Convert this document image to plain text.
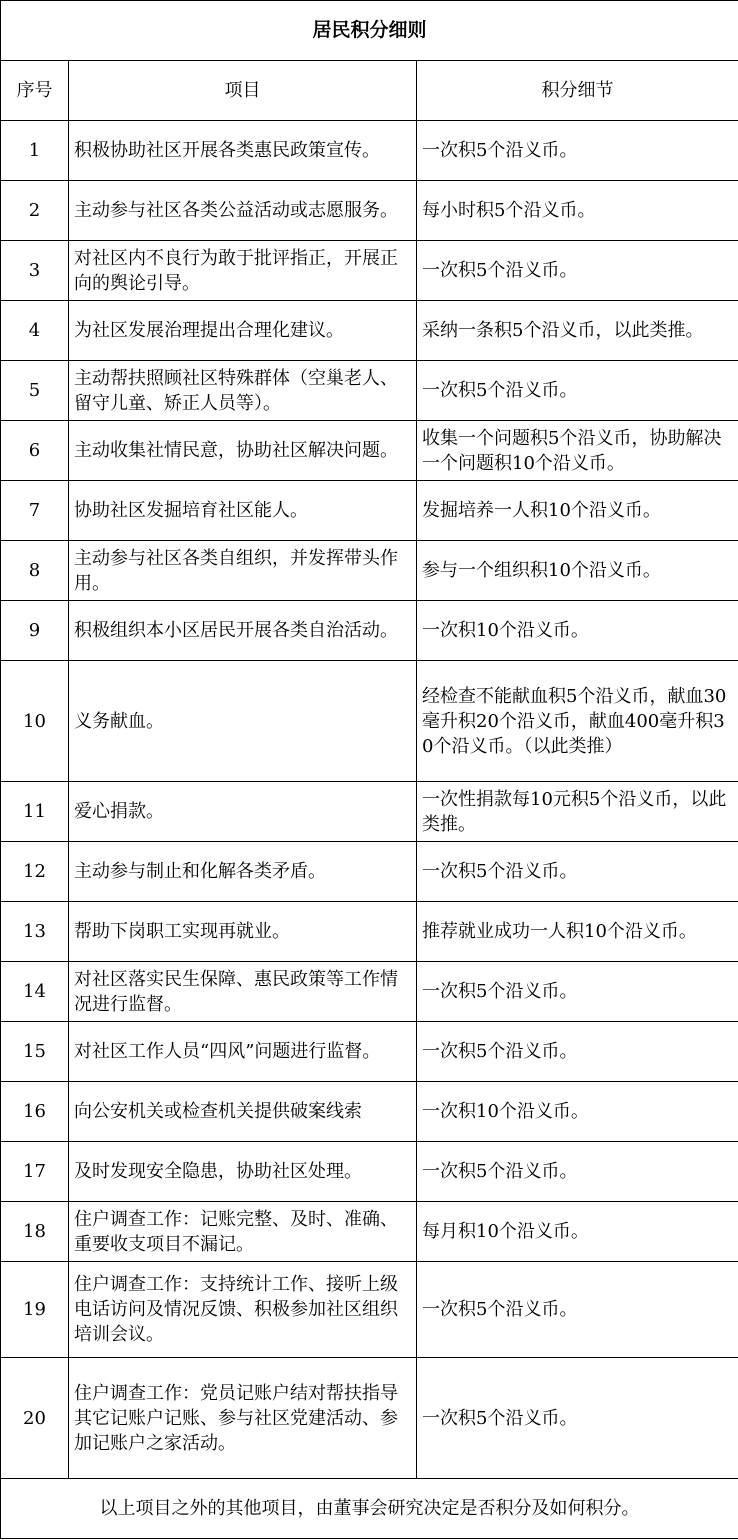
居民积分细则		
序号	项目	积分细节
1	积极协助社区开展各类惠民政策宣传。	一次积5个沿义币。
2	主动参与社区各类公益活动或志愿服务。	每小时积5个沿义币。
3	对社区内不良行为敢于批评指正，开展正向的舆论引导。	一次积5个沿义币。
4	为社区发展治理提出合理化建议。	采纳一条积5个沿义币，以此类推。
5	主动帮扶照顾社区特殊群体（空巢老人、留守儿童、矫正人员等）。	一次积5个沿义币。
6	主动收集社情民意，协助社区解决问题。	收集一个问题积5个沿义币，协助解决一个问题积10个沿义币。
7	协助社区发掘培育社区能人。	发掘培养一人积10个沿义币。
8	主动参与社区各类自组织，并发挥带头作用。	参与一个组织积10个沿义币。
9	积极组织本小区居民开展各类自治活动。	一次积10个沿义币。
10	义务献血。	经检查不能献血积5个沿义币，献血30毫升积20个沿义币，献血400毫升积30个沿义币。（以此类推）
11	爱心捐款。	一次性捐款每10元积5个沿义币，以此类推。
12	主动参与制止和化解各类矛盾。	一次积5个沿义币。
13	帮助下岗职工实现再就业。	推荐就业成功一人积10个沿义币。
14	对社区落实民生保障、惠民政策等工作情况进行监督。	一次积5个沿义币。
15	对社区工作人员“四风”问题进行监督。	一次积5个沿义币。
16	向公安机关或检查机关提供破案线索	一次积10个沿义币。
17	及时发现安全隐患，协助社区处理。	一次积5个沿义币。
18	住户调查工作：记账完整、及时、准确、重要收支项目不漏记。	每月积10个沿义币。
19	住户调查工作：支持统计工作、接听上级电话访问及情况反馈、积极参加社区组织培训会议。	一次积5个沿义币。
20	住户调查工作：党员记账户结对帮扶指导其它记账户记账、参与社区党建活动、参加记账户之家活动。	一次积5个沿义币。
以上项目之外的其他项目，由董事会研究决定是否积分及如何积分。		
